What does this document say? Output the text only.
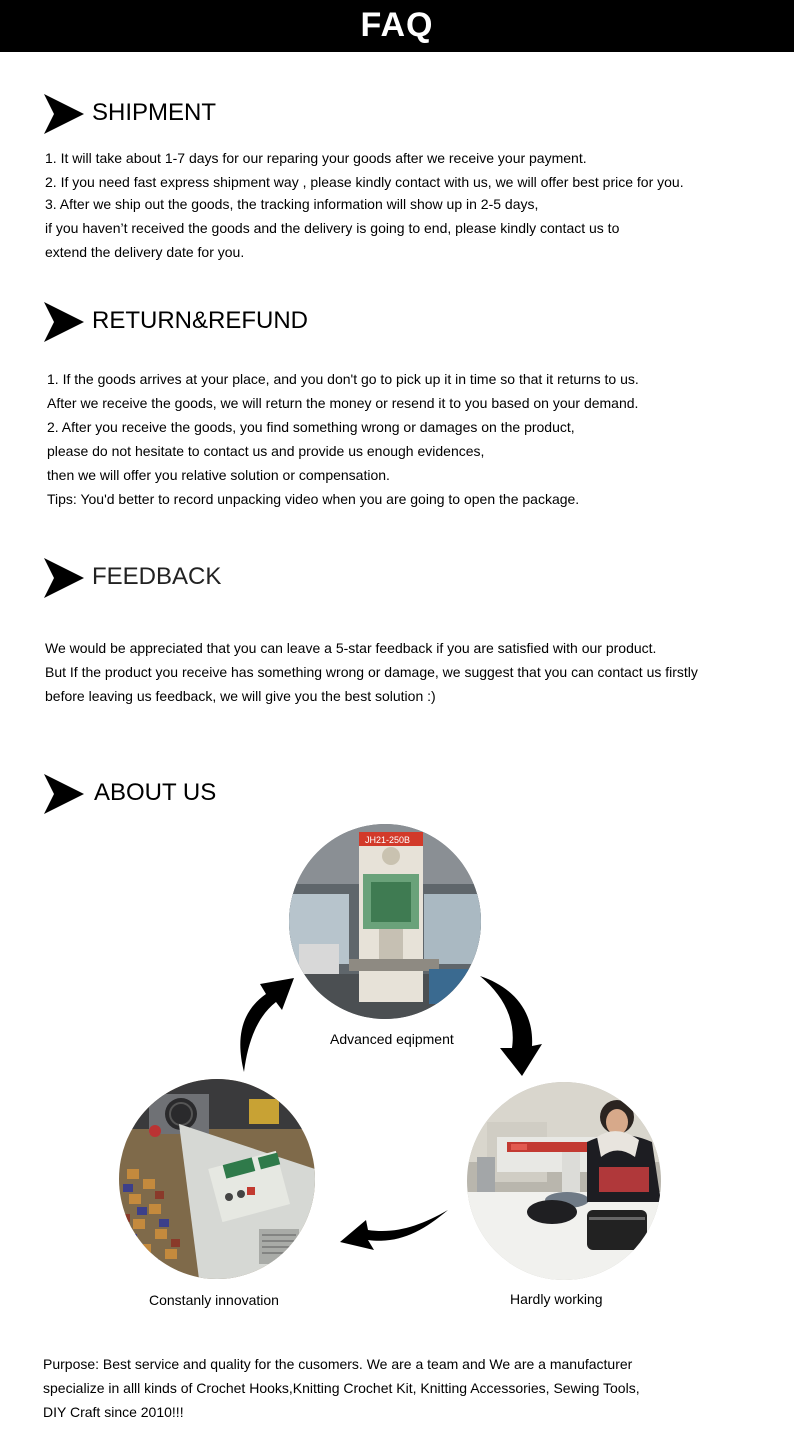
FAQ
SHIPMENT
1. It will take about 1-7 days for our reparing your goods after we receive your payment.
2. If you need fast express shipment way , please kindly contact with us, we will offer best price for you.
3. After we ship out the goods, the tracking information will show up in 2-5 days,
if you haven’t received the goods and the delivery is going to end, please kindly contact us to
extend the delivery date for you.
RETURN&REFUND
1. If the goods arrives at your place, and you don't go to pick up it in time so that it returns to us.
After we receive the goods, we will return the money or resend it to you based on your demand.
2. After you receive the goods, you find something wrong or damages on the product,
please do not hesitate to contact us and provide us enough evidences,
then we will offer you relative solution or compensation.
Tips: You'd better to record unpacking video when you are going to open the package.
FEEDBACK
We would be appreciated that you can leave a 5-star feedback if you are satisfied with our product.
But If the product you receive has something wrong or damage, we suggest that you can contact us firstly
before leaving us feedback, we will give you the best solution :)
ABOUT US
JH21-250B
Advanced eqipment
Hardly working
Constanly innovation
Purpose: Best service and quality for the cusomers. We are a team and We are a manufacturer
specialize in alll kinds of Crochet Hooks,Knitting Crochet Kit, Knitting Accessories, Sewing Tools,
DIY Craft since 2010!!!
